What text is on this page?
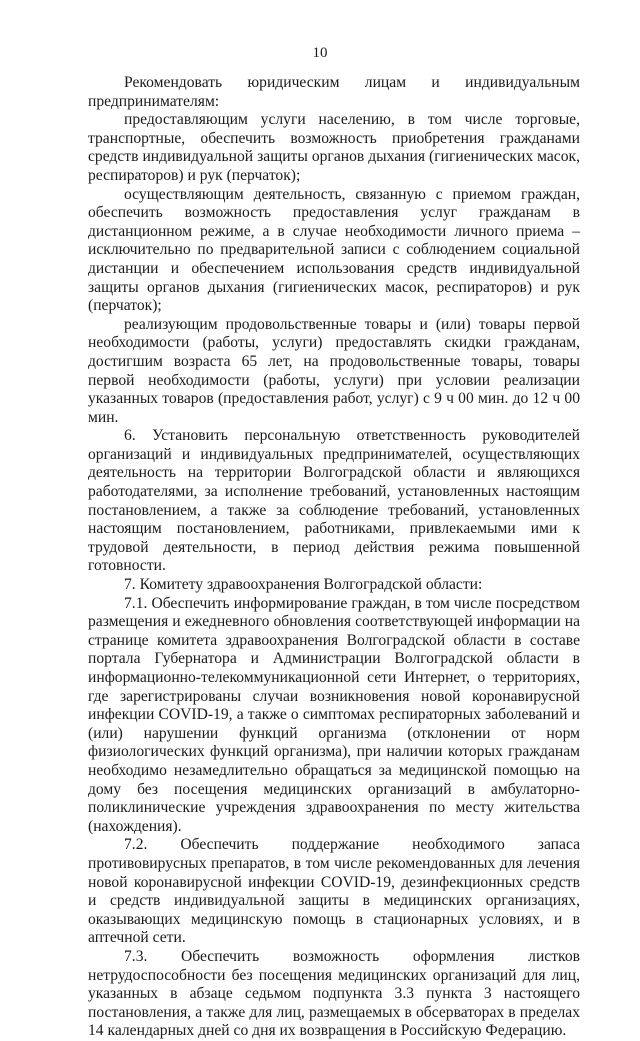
10

Рекомендовать юридическим лицам и индивидуальным предпринимателям:

предоставляющим услуги населению, в том числе торговые, транспортные, обеспечить возможность приобретения гражданами средств индивидуальной защиты органов дыхания (гигиенических масок, респираторов) и рук (перчаток);

осуществляющим деятельность, связанную с приемом граждан, обеспечить возможность предоставления услуг гражданам в дистанционном режиме, а в случае необходимости личного приема – исключительно по предварительной записи с соблюдением социальной дистанции и обеспечением использования средств индивидуальной защиты органов дыхания (гигиенических масок, респираторов) и рук (перчаток);

реализующим продовольственные товары и (или) товары первой необходимости (работы, услуги) предоставлять скидки гражданам, достигшим возраста 65 лет, на продовольственные товары, товары первой необходимости (работы, услуги) при условии реализации указанных товаров (предоставления работ, услуг) с 9 ч 00 мин. до 12 ч 00 мин.

6. Установить персональную ответственность руководителей организаций и индивидуальных предпринимателей, осуществляющих деятельность на территории Волгоградской области и являющихся работодателями, за исполнение требований, установленных настоящим постановлением, а также за соблюдение требований, установленных настоящим постановлением, работниками, привлекаемыми ими к трудовой деятельности, в период действия режима повышенной готовности.

7. Комитету здравоохранения Волгоградской области:

7.1. Обеспечить информирование граждан, в том числе посредством размещения и ежедневного обновления соответствующей информации на странице комитета здравоохранения Волгоградской области в составе портала Губернатора и Администрации Волгоградской области в информационно-телекоммуникационной сети Интернет, о территориях, где зарегистрированы случаи возникновения новой коронавирусной инфекции COVID-19, а также о симптомах респираторных заболеваний и (или) нарушении функций организма (отклонении от норм физиологических функций организма), при наличии которых гражданам необходимо незамедлительно обращаться за медицинской помощью на дому без посещения медицинских организаций в амбулаторно-поликлинические учреждения здравоохранения по месту жительства (нахождения).

7.2. Обеспечить поддержание необходимого запаса противовирусных препаратов, в том числе рекомендованных для лечения новой коронавирусной инфекции COVID-19, дезинфекционных средств и средств индивидуальной защиты в медицинских организациях, оказывающих медицинскую помощь в стационарных условиях, и в аптечной сети.

7.3. Обеспечить возможность оформления листков нетрудоспособности без посещения медицинских организаций для лиц, указанных в абзаце седьмом подпункта 3.3 пункта 3 настоящего постановления, а также для лиц, размещаемых в обсерваторах в пределах 14 календарных дней со дня их возвращения в Российскую Федерацию.
